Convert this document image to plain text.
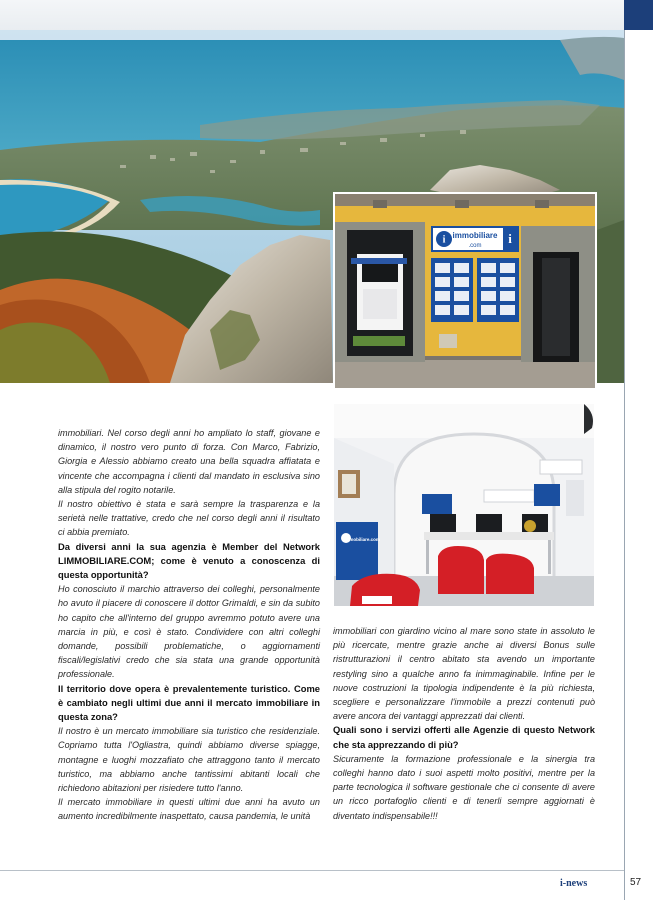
i	i
immobiliare
.com
immobiliare.com

immobiliari. Nel corso degli anni ho ampliato lo staff, giovane e dinamico, il nostro vero punto di forza. Con Marco, Fabrizio, Giorgia e Alessio abbiamo creato una bella squadra affiatata e vincente che accompagna i clienti dal mandato in esclusiva sino alla stipula del rogito notarile.

Il nostro obiettivo è stata e sarà sempre la trasparenza e la serietà nelle trattative, credo che nel corso degli anni il risultato ci abbia premiato.

Da diversi anni la sua agenzia è Member del Network LIMMOBILIARE.COM; come è venuto a conoscenza di questa opportunità?

Ho conosciuto il marchio attraverso dei colleghi, personalmente ho avuto il piacere di conoscere il dottor Grimaldi, e sin da subito ho capito che all'interno del gruppo avremmo potuto avere una marcia in più, e così è stato. Condividere con altri colleghi domande, possibili problematiche, o aggiornamenti fiscali/legislativi credo che sia stata una grande opportunità professionale.

Il territorio dove opera è prevalentemente turistico. Come è cambiato negli ultimi due anni il mercato immobiliare in questa zona?

Il nostro è un mercato immobiliare sia turistico che residenziale. Copriamo tutta l'Ogliastra, quindi abbiamo diverse spiagge, montagne e luoghi mozzafiato che attraggono tanto il mercato turistico, ma abbiamo anche tantissimi abitanti locali che richiedono abitazioni per risiedere tutto l'anno.

Il mercato immobiliare in questi ultimi due anni ha avuto un aumento incredibilmente inaspettato, causa pandemia, le unità

immobiliari con giardino vicino al mare sono state in assoluto le più ricercate, mentre grazie anche ai diversi Bonus sulle ristrutturazioni il centro abitato sta avendo un importante restyling sino a qualche anno fa inimmaginabile. Infine per le nuove costruzioni la tipologia indipendente è la più richiesta, scegliere e personalizzare l'immobile a prezzi contenuti può avere ancora dei vantaggi apprezzati dai clienti.

Quali sono i servizi offerti alle Agenzie di questo Network che sta apprezzando di più?

Sicuramente la formazione professionale e la sinergia tra colleghi hanno dato i suoi aspetti molto positivi, mentre per la parte tecnologica il software gestionale che ci consente di avere un ricco portafoglio clienti e di tenerli sempre aggiornati è diventato indispensabile!!!

i-news	57
